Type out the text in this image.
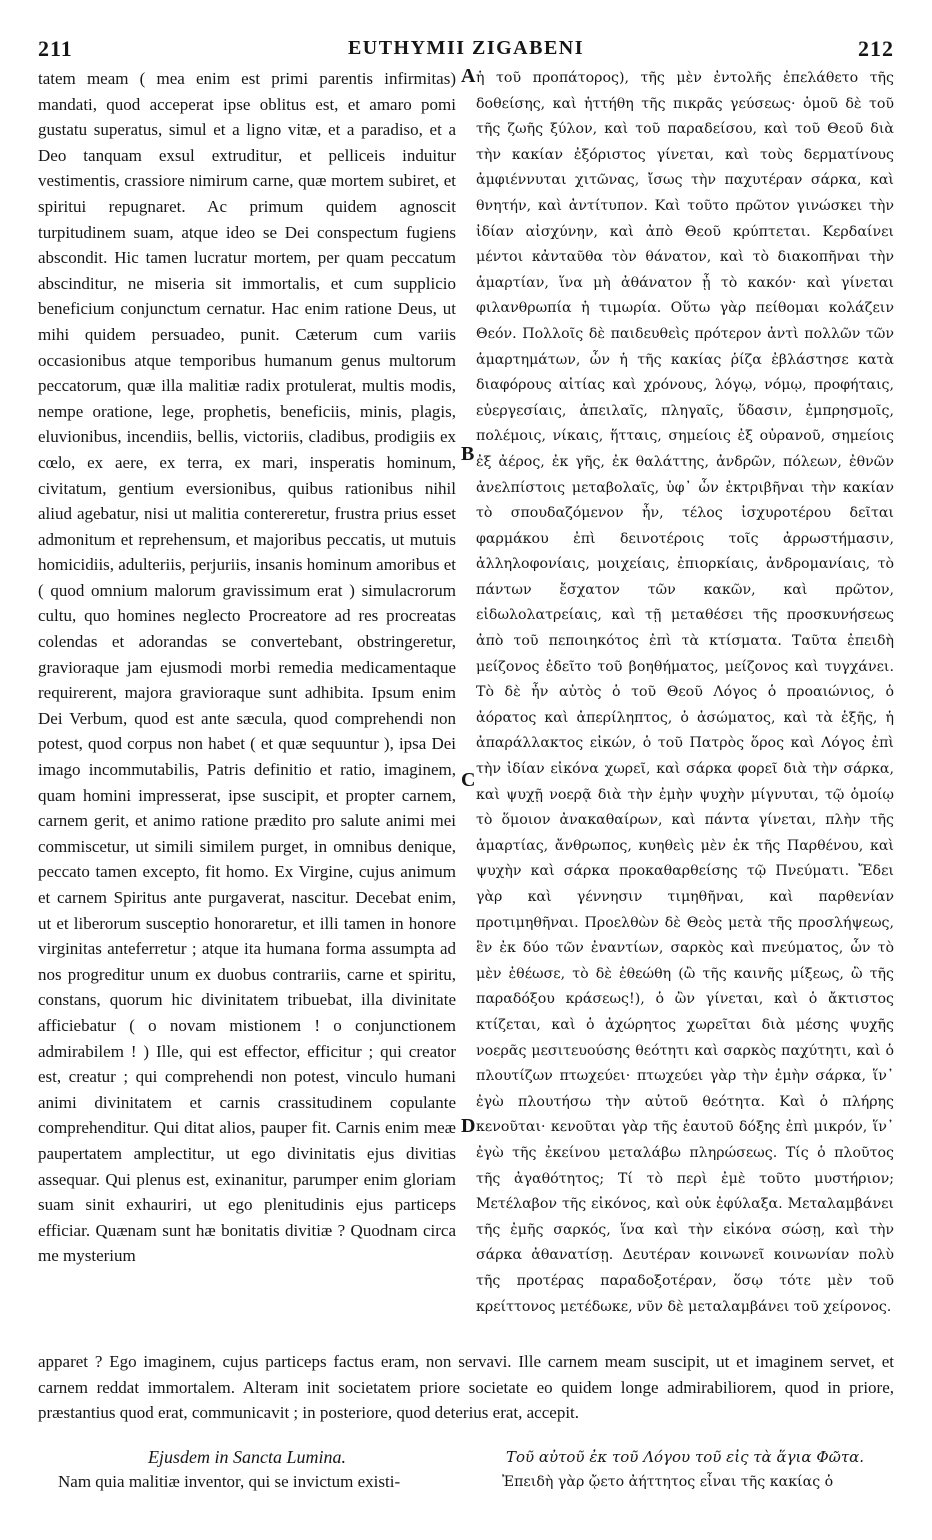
211	EUTHYMII ZIGABENI	212

tatem meam ( mea enim est primi parentis infirmitas) mandati, quod acceperat ipse oblitus est, et amaro pomi gustatu superatus, simul et a ligno vitæ, et a paradiso, et a Deo tanquam exsul extruditur, et pelliceis induitur vestimentis, crassiore nimirum carne, quæ mortem subiret, et spiritui repugnaret. Ac primum quidem agnoscit turpitudinem suam, atque ideo se Dei conspectum fugiens abscondit. Hic tamen lucratur mortem, per quam peccatum abscinditur, ne miseria sit immortalis, et cum supplicio beneficium conjunctum cernatur. Hac enim ratione Deus, ut mihi quidem persuadeo, punit. Cæterum cum variis occasionibus atque temporibus humanum genus multorum peccatorum, quæ illa malitiæ radix protulerat, multis modis, nempe oratione, lege, prophetis, beneficiis, minis, plagis, eluvionibus, incendiis, bellis, victoriis, cladibus, prodigiis ex cœlo, ex aere, ex terra, ex mari, insperatis hominum, civitatum, gentium eversionibus, quibus rationibus nihil aliud agebatur, nisi ut malitia contereretur, frustra prius esset admonitum et reprehensum, et majoribus peccatis, ut mutuis homicidiis, adulteriis, perjuriis, insanis hominum amoribus et ( quod omnium malorum gravissimum erat ) simulacrorum cultu, quo homines neglecto Procreatore ad res procreatas colendas et adorandas se convertebant, obstringeretur, gravioraque jam ejusmodi morbi remedia medicamentaque requirerent, majora gravioraque sunt adhibita. Ipsum enim Dei Verbum, quod est ante sæcula, quod comprehendi non potest, quod corpus non habet ( et quæ sequuntur ), ipsa Dei imago incommutabilis, Patris definitio et ratio, imaginem, quam homini impresserat, ipse suscipit, et propter carnem, carnem gerit, et animo ratione prædito pro salute animi mei commiscetur, ut simili similem purget, in omnibus denique, peccato tamen excepto, fit homo. Ex Virgine, cujus animum et carnem Spiritus ante purgaverat, nascitur. Decebat enim, ut et liberorum susceptio honoraretur, et illi tamen in honore virginitas anteferretur ; atque ita humana forma assumpta ad nos progreditur unum ex duobus contrariis, carne et spiritu, constans, quorum hic divinitatem tribuebat, illa divinitate afficiebatur ( o novam mistionem ! o conjunctionem admirabilem ! ) Ille, qui est effector, efficitur ; qui creator est, creatur ; qui comprehendi non potest, vinculo humani animi divinitatem et carnis crassitudinem copulante comprehenditur. Qui ditat alios, pauper fit. Carnis enim meæ paupertatem amplectitur, ut ego divinitatis ejus divitias assequar. Qui plenus est, exinanitur, parumper enim gloriam suam sinit exhauriri, ut ego plenitudinis ejus particeps efficiar. Quænam sunt hæ bonitatis divitiæ ? Quodnam circa me mysterium

A
B
C
D

ἡ τοῦ προπάτορος), τῆς μὲν ἐντολῆς ἐπελάθετο τῆς δοθείσης, καὶ ἡττήθη τῆς πικρᾶς γεύσεως· ὁμοῦ δὲ τοῦ τῆς ζωῆς ξύλον, καὶ τοῦ παραδείσου, καὶ τοῦ Θεοῦ διὰ τὴν κακίαν ἐξόριστος γίνεται, καὶ τοὺς δερματίνους ἀμφιέννυται χιτῶνας, ἴσως τὴν παχυτέραν σάρκα, καὶ θνητήν, καὶ ἀντίτυπον. Καὶ τοῦτο πρῶτον γινώσκει τὴν ἰδίαν αἰσχύνην, καὶ ἀπὸ Θεοῦ κρύπτεται. Κερδαίνει μέντοι κἀνταῦθα τὸν θάνατον, καὶ τὸ διακοπῆναι τὴν ἁμαρτίαν, ἵνα μὴ ἀθάνατον ᾖ τὸ κακόν· καὶ γίνεται φιλανθρωπία ἡ τιμωρία. Οὕτω γὰρ πείθομαι κολάζειν Θεόν. Πολλοῖς δὲ παιδευθεὶς πρότερον ἀντὶ πολλῶν τῶν ἁμαρτημάτων, ὧν ἡ τῆς κακίας ῥίζα ἐβλάστησε κατὰ διαφόρους αἰτίας καὶ χρόνους, λόγῳ, νόμῳ, προφήταις, εὐεργεσίαις, ἀπειλαῖς, πληγαῖς, ὕδασιν, ἐμπρησμοῖς, πολέμοις, νίκαις, ἥτταις, σημείοις ἐξ οὐρανοῦ, σημείοις ἐξ ἀέρος, ἐκ γῆς, ἐκ θαλάττης, ἀνδρῶν, πόλεων, ἐθνῶν ἀνελπίστοις μεταβολαῖς, ὑφ᾽ ὧν ἐκτριβῆναι τὴν κακίαν τὸ σπουδαζόμενον ἦν, τέλος ἰσχυροτέρου δεῖται φαρμάκου ἐπὶ δεινοτέροις τοῖς ἀρρωστήμασιν, ἀλληλοφονίαις, μοιχείαις, ἐπιορκίαις, ἀνδρομανίαις, τὸ πάντων ἔσχατον τῶν κακῶν, καὶ πρῶτον, εἰδωλολατρείαις, καὶ τῇ μεταθέσει τῆς προσκυνήσεως ἀπὸ τοῦ πεποιηκότος ἐπὶ τὰ κτίσματα. Ταῦτα ἐπειδὴ μείζονος ἐδεῖτο τοῦ βοηθήματος, μείζονος καὶ τυγχάνει. Τὸ δὲ ἦν αὐτὸς ὁ τοῦ Θεοῦ Λόγος ὁ προαιώνιος, ὁ ἀόρατος καὶ ἀπερίληπτος, ὁ ἀσώματος, καὶ τὰ ἑξῆς, ἡ ἀπαράλλακτος εἰκών, ὁ τοῦ Πατρὸς ὅρος καὶ Λόγος ἐπὶ τὴν ἰδίαν εἰκόνα χωρεῖ, καὶ σάρκα φορεῖ διὰ τὴν σάρκα, καὶ ψυχῇ νοερᾷ διὰ τὴν ἐμὴν ψυχὴν μίγνυται, τῷ ὁμοίῳ τὸ ὅμοιον ἀνακαθαίρων, καὶ πάντα γίνεται, πλὴν τῆς ἁμαρτίας, ἄνθρωπος, κυηθεὶς μὲν ἐκ τῆς Παρθένου, καὶ ψυχὴν καὶ σάρκα προκαθαρθείσης τῷ Πνεύματι. Ἔδει γὰρ καὶ γέννησιν τιμηθῆναι, καὶ παρθενίαν προτιμηθῆναι. Προελθὼν δὲ Θεὸς μετὰ τῆς προσλήψεως, ἓν ἐκ δύο τῶν ἐναντίων, σαρκὸς καὶ πνεύματος, ὧν τὸ μὲν ἐθέωσε, τὸ δὲ ἐθεώθη (ὢ τῆς καινῆς μίξεως, ὢ τῆς παραδόξου κράσεως!), ὁ ὢν γίνεται, καὶ ὁ ἄκτιστος κτίζεται, καὶ ὁ ἀχώρητος χωρεῖται διὰ μέσης ψυχῆς νοερᾶς μεσιτευούσης θεότητι καὶ σαρκὸς παχύτητι, καὶ ὁ πλουτίζων πτωχεύει· πτωχεύει γὰρ τὴν ἐμὴν σάρκα, ἵν᾽ ἐγὼ πλουτήσω τὴν αὐτοῦ θεότητα. Καὶ ὁ πλήρης κενοῦται· κενοῦται γὰρ τῆς ἑαυτοῦ δόξης ἐπὶ μικρόν, ἵν᾽ ἐγὼ τῆς ἐκείνου μεταλάβω πληρώσεως. Τίς ὁ πλοῦτος τῆς ἀγαθότητος; Τί τὸ περὶ ἐμὲ τοῦτο μυστήριον; Μετέλαβον τῆς εἰκόνος, καὶ οὐκ ἐφύλαξα. Μεταλαμβάνει τῆς ἐμῆς σαρκός, ἵνα καὶ τὴν εἰκόνα σώσῃ, καὶ τὴν σάρκα ἀθανατίσῃ. Δευτέραν κοινωνεῖ κοινωνίαν πολὺ τῆς προτέρας παραδοξοτέραν, ὅσῳ τότε μὲν τοῦ κρείττονος μετέδωκε, νῦν δὲ μεταλαμβάνει τοῦ χείρονος.

apparet ? Ego imaginem, cujus particeps factus eram, non servavi. Ille carnem meam suscipit, ut et imaginem servet, et carnem reddat immortalem. Alteram init societatem priore societate eo quidem longe admirabiliorem, quod in priore, præstantius quod erat, communicavit ; in posteriore, quod deterius erat, accepit.

Ejusdem in Sancta Lumina.	Τοῦ αὐτοῦ ἐκ τοῦ Λόγου τοῦ εἰς τὰ ἅγια Φῶτα.
Nam quia malitiæ inventor, qui se invictum existi-	Ἐπειδὴ γὰρ ᾤετο ἀήττητος εἶναι τῆς κακίας ὁ
